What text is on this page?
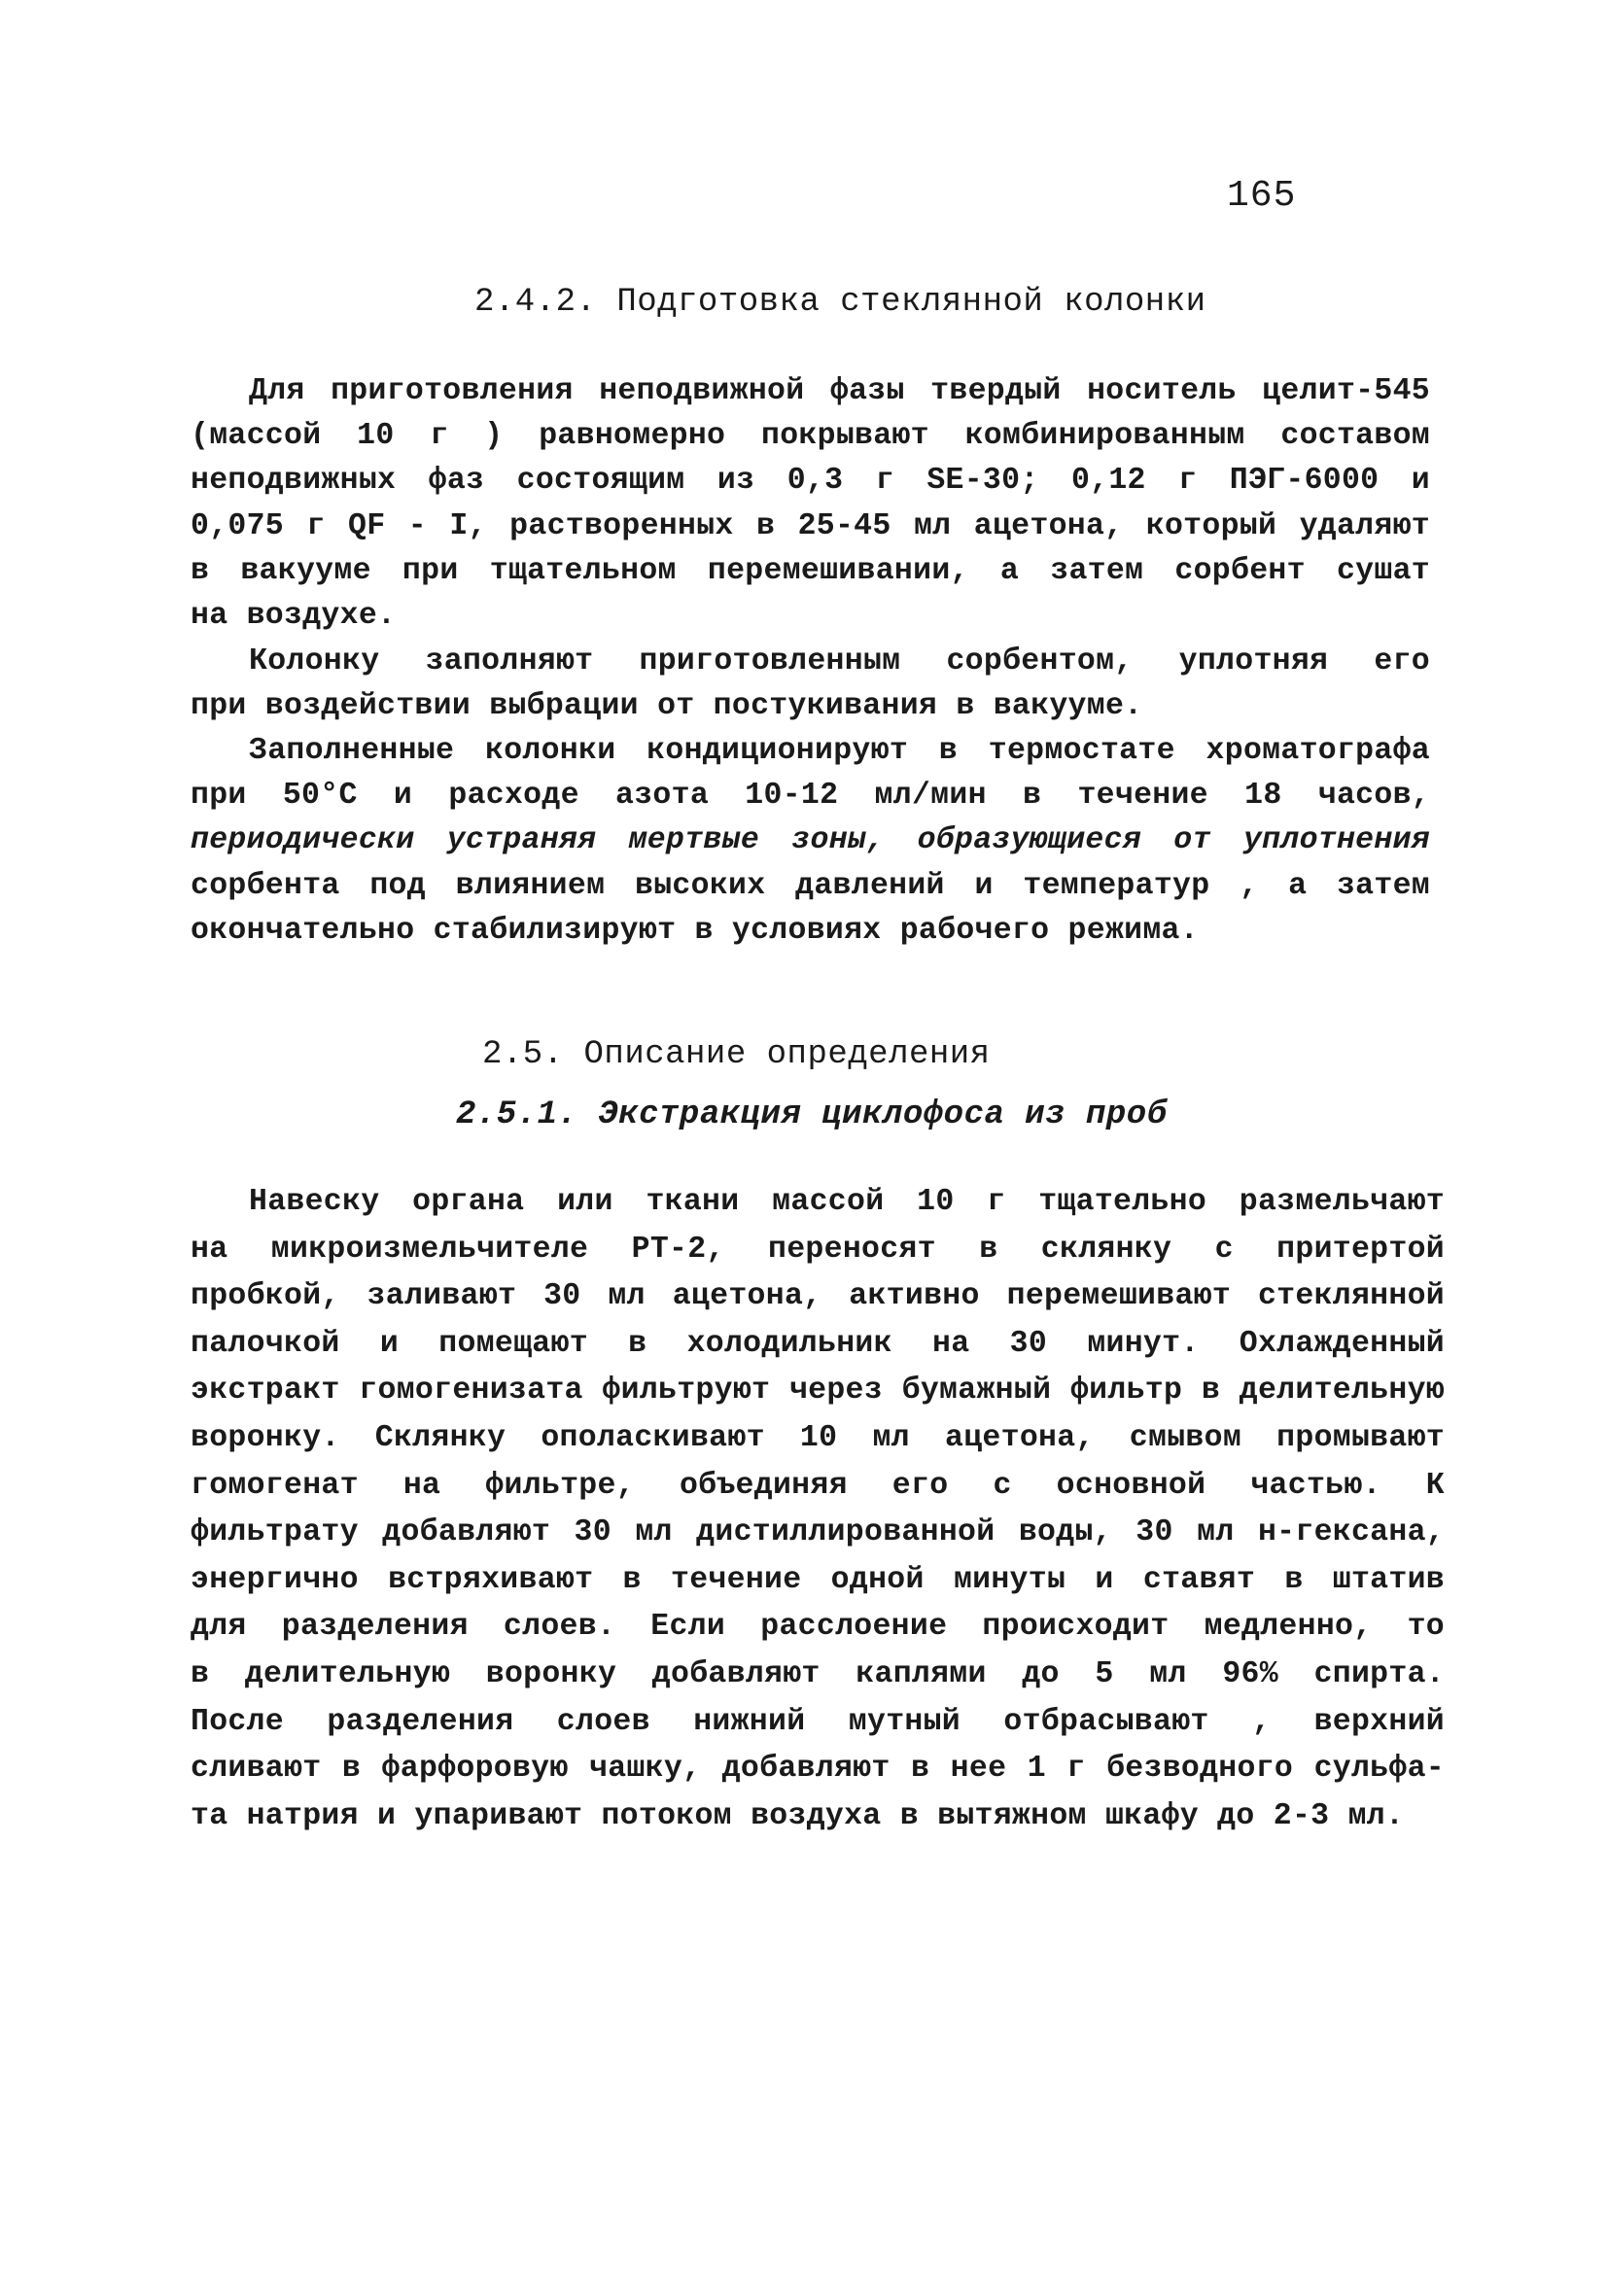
165
2.4.2. Подготовка стеклянной колонки
Для приготовления неподвижной фазы твердый носитель целит-545
(массой 10 г ) равномерно покрывают комбинированным составом
неподвижных фаз состоящим из 0,3 г SE-30; 0,12 г ПЭГ-6000 и
0,075 г QF - I, растворенных в 25-45 мл ацетона, который удаляют
в вакууме при тщательном перемешивании, а затем сорбент сушат
на воздухе.
Колонку заполняют приготовленным сорбентом, уплотняя его
при воздействии выбрации от постукивания в вакууме.
Заполненные колонки кондиционируют в термостате хроматографа
при 50°C и расходе азота 10-12 мл/мин в течение 18 часов,
периодически устраняя мертвые зоны, образующиеся от уплотнения
сорбента под влиянием высоких давлений и температур , а затем
окончательно стабилизируют в условиях рабочего режима.
2.5. Описание определения
2.5.1. Экстракция циклофоса из проб
Навеску органа или ткани массой 10 г тщательно размельчают
на микроизмельчителе РТ-2, переносят в склянку с притертой
пробкой, заливают 30 мл ацетона, активно перемешивают стеклянной
палочкой и помещают в холодильник на 30 минут. Охлажденный
экстракт гомогенизата фильтруют через бумажный фильтр в делительную
воронку. Склянку ополаскивают 10 мл ацетона, смывом промывают
гомогенат на фильтре, объединяя его с основной частью. К
фильтрату добавляют 30 мл дистиллированной воды, 30 мл н-гексана,
энергично встряхивают в течение одной минуты и ставят в штатив
для разделения слоев. Если расслоение происходит медленно, то
в делительную воронку добавляют каплями до 5 мл 96% спирта.
После разделения слоев нижний мутный отбрасывают , верхний
сливают в фарфоровую чашку, добавляют в нее 1 г безводного сульфа-
та натрия и упаривают потоком воздуха в вытяжном шкафу до 2-3 мл.
